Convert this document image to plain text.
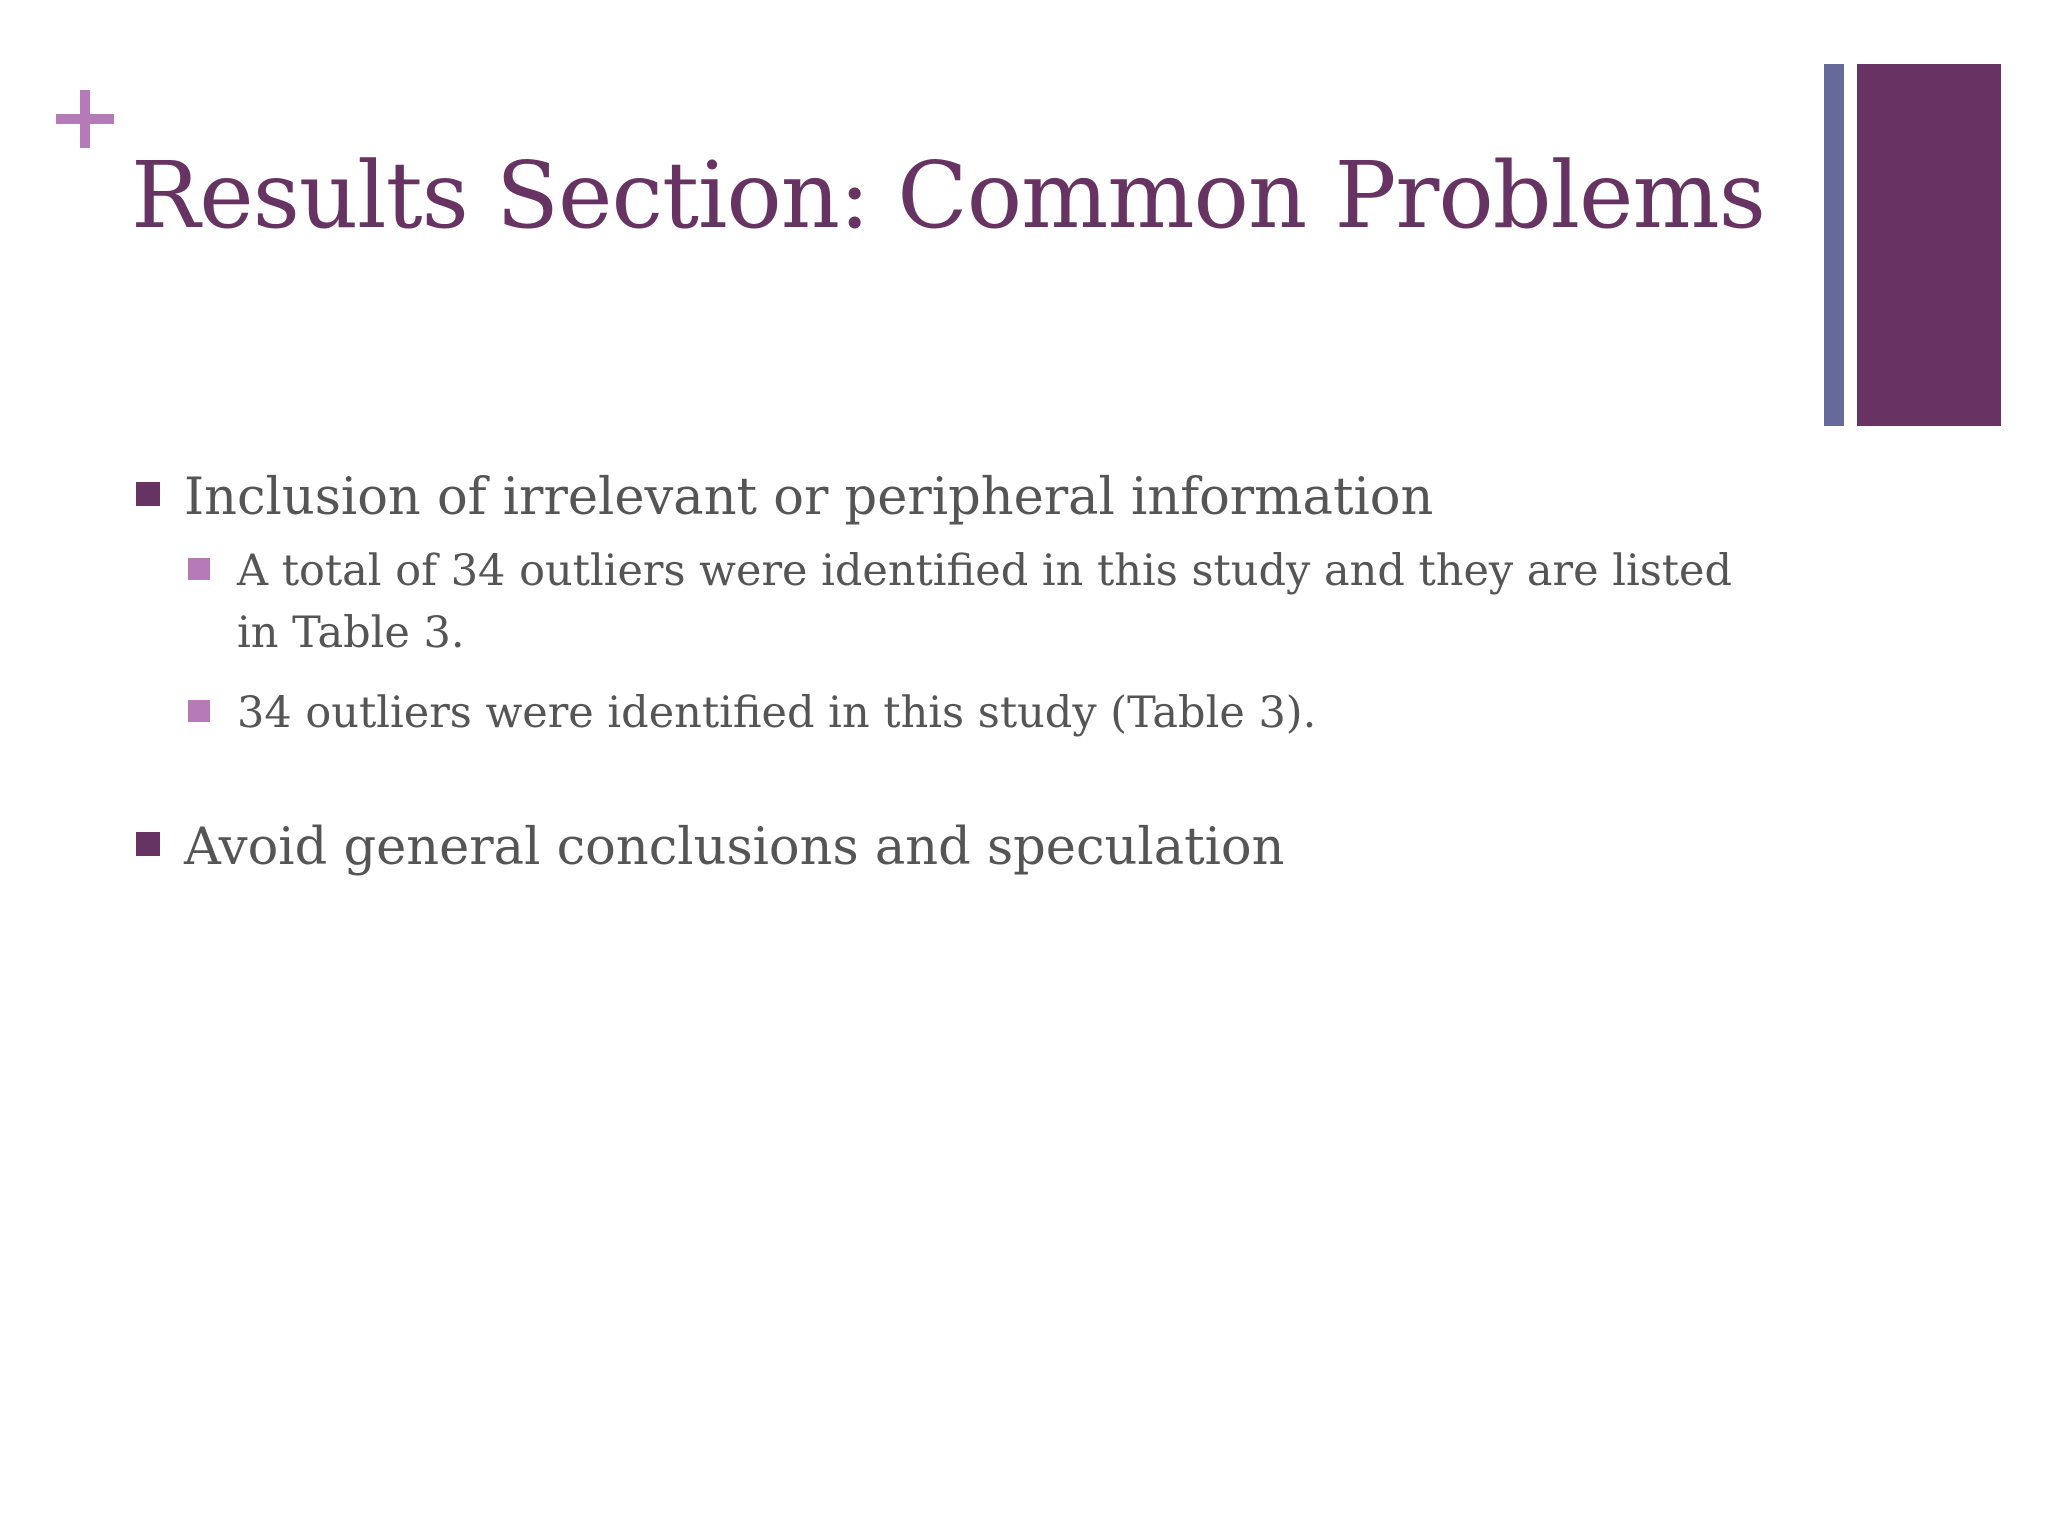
Results Section: Common Problems
Inclusion of irrelevant or peripheral information
A total of 34 outliers were identified in this study and they are listed in Table 3.
34 outliers were identified in this study (Table 3).
Avoid general conclusions and speculation
